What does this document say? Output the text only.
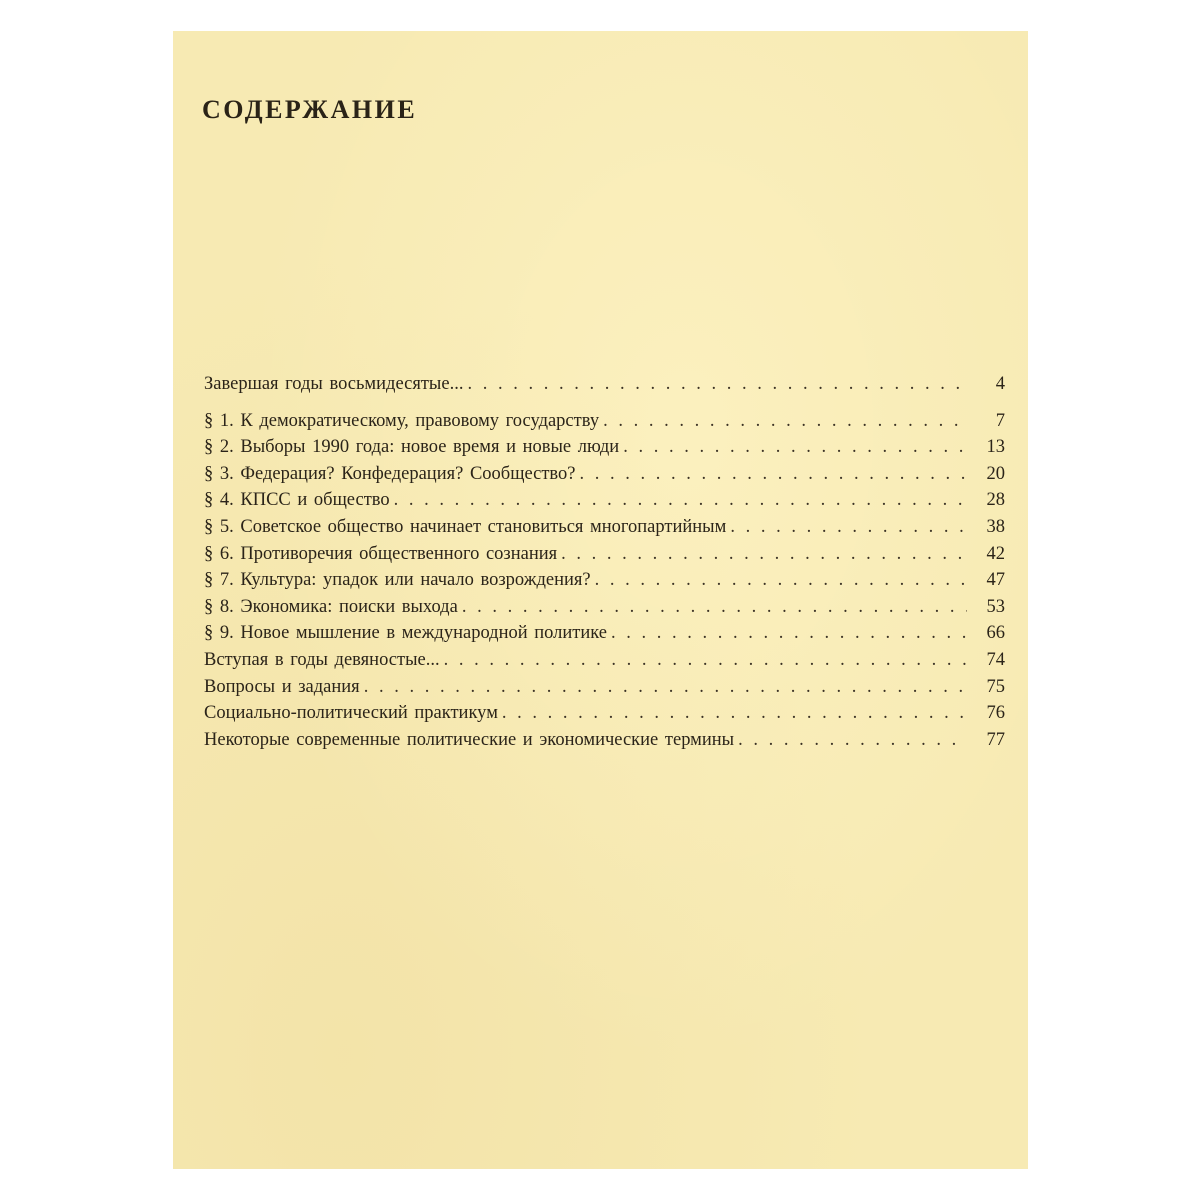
СОДЕРЖАНИЕ
Завершая годы восьмидесятые... . . .	4
§ 1. К демократическому, правовому государству . . .	7
§ 2. Выборы 1990 года: новое время и новые люди . . .	13
§ 3. Федерация? Конфедерация? Сообщество? . . .	20
§ 4. КПСС и общество . . .	28
§ 5. Советское общество начинает становиться многопартийным . . .	38
§ 6. Противоречия общественного сознания . . .	42
§ 7. Культура: упадок или начало возрождения? . . .	47
§ 8. Экономика: поиски выхода . . .	53
§ 9. Новое мышление в международной политике . . .	66
Вступая в годы девяностые... . . .	74
Вопросы и задания . . .	75
Социально-политический практикум . . .	76
Некоторые современные политические и экономические термины . . .	77
